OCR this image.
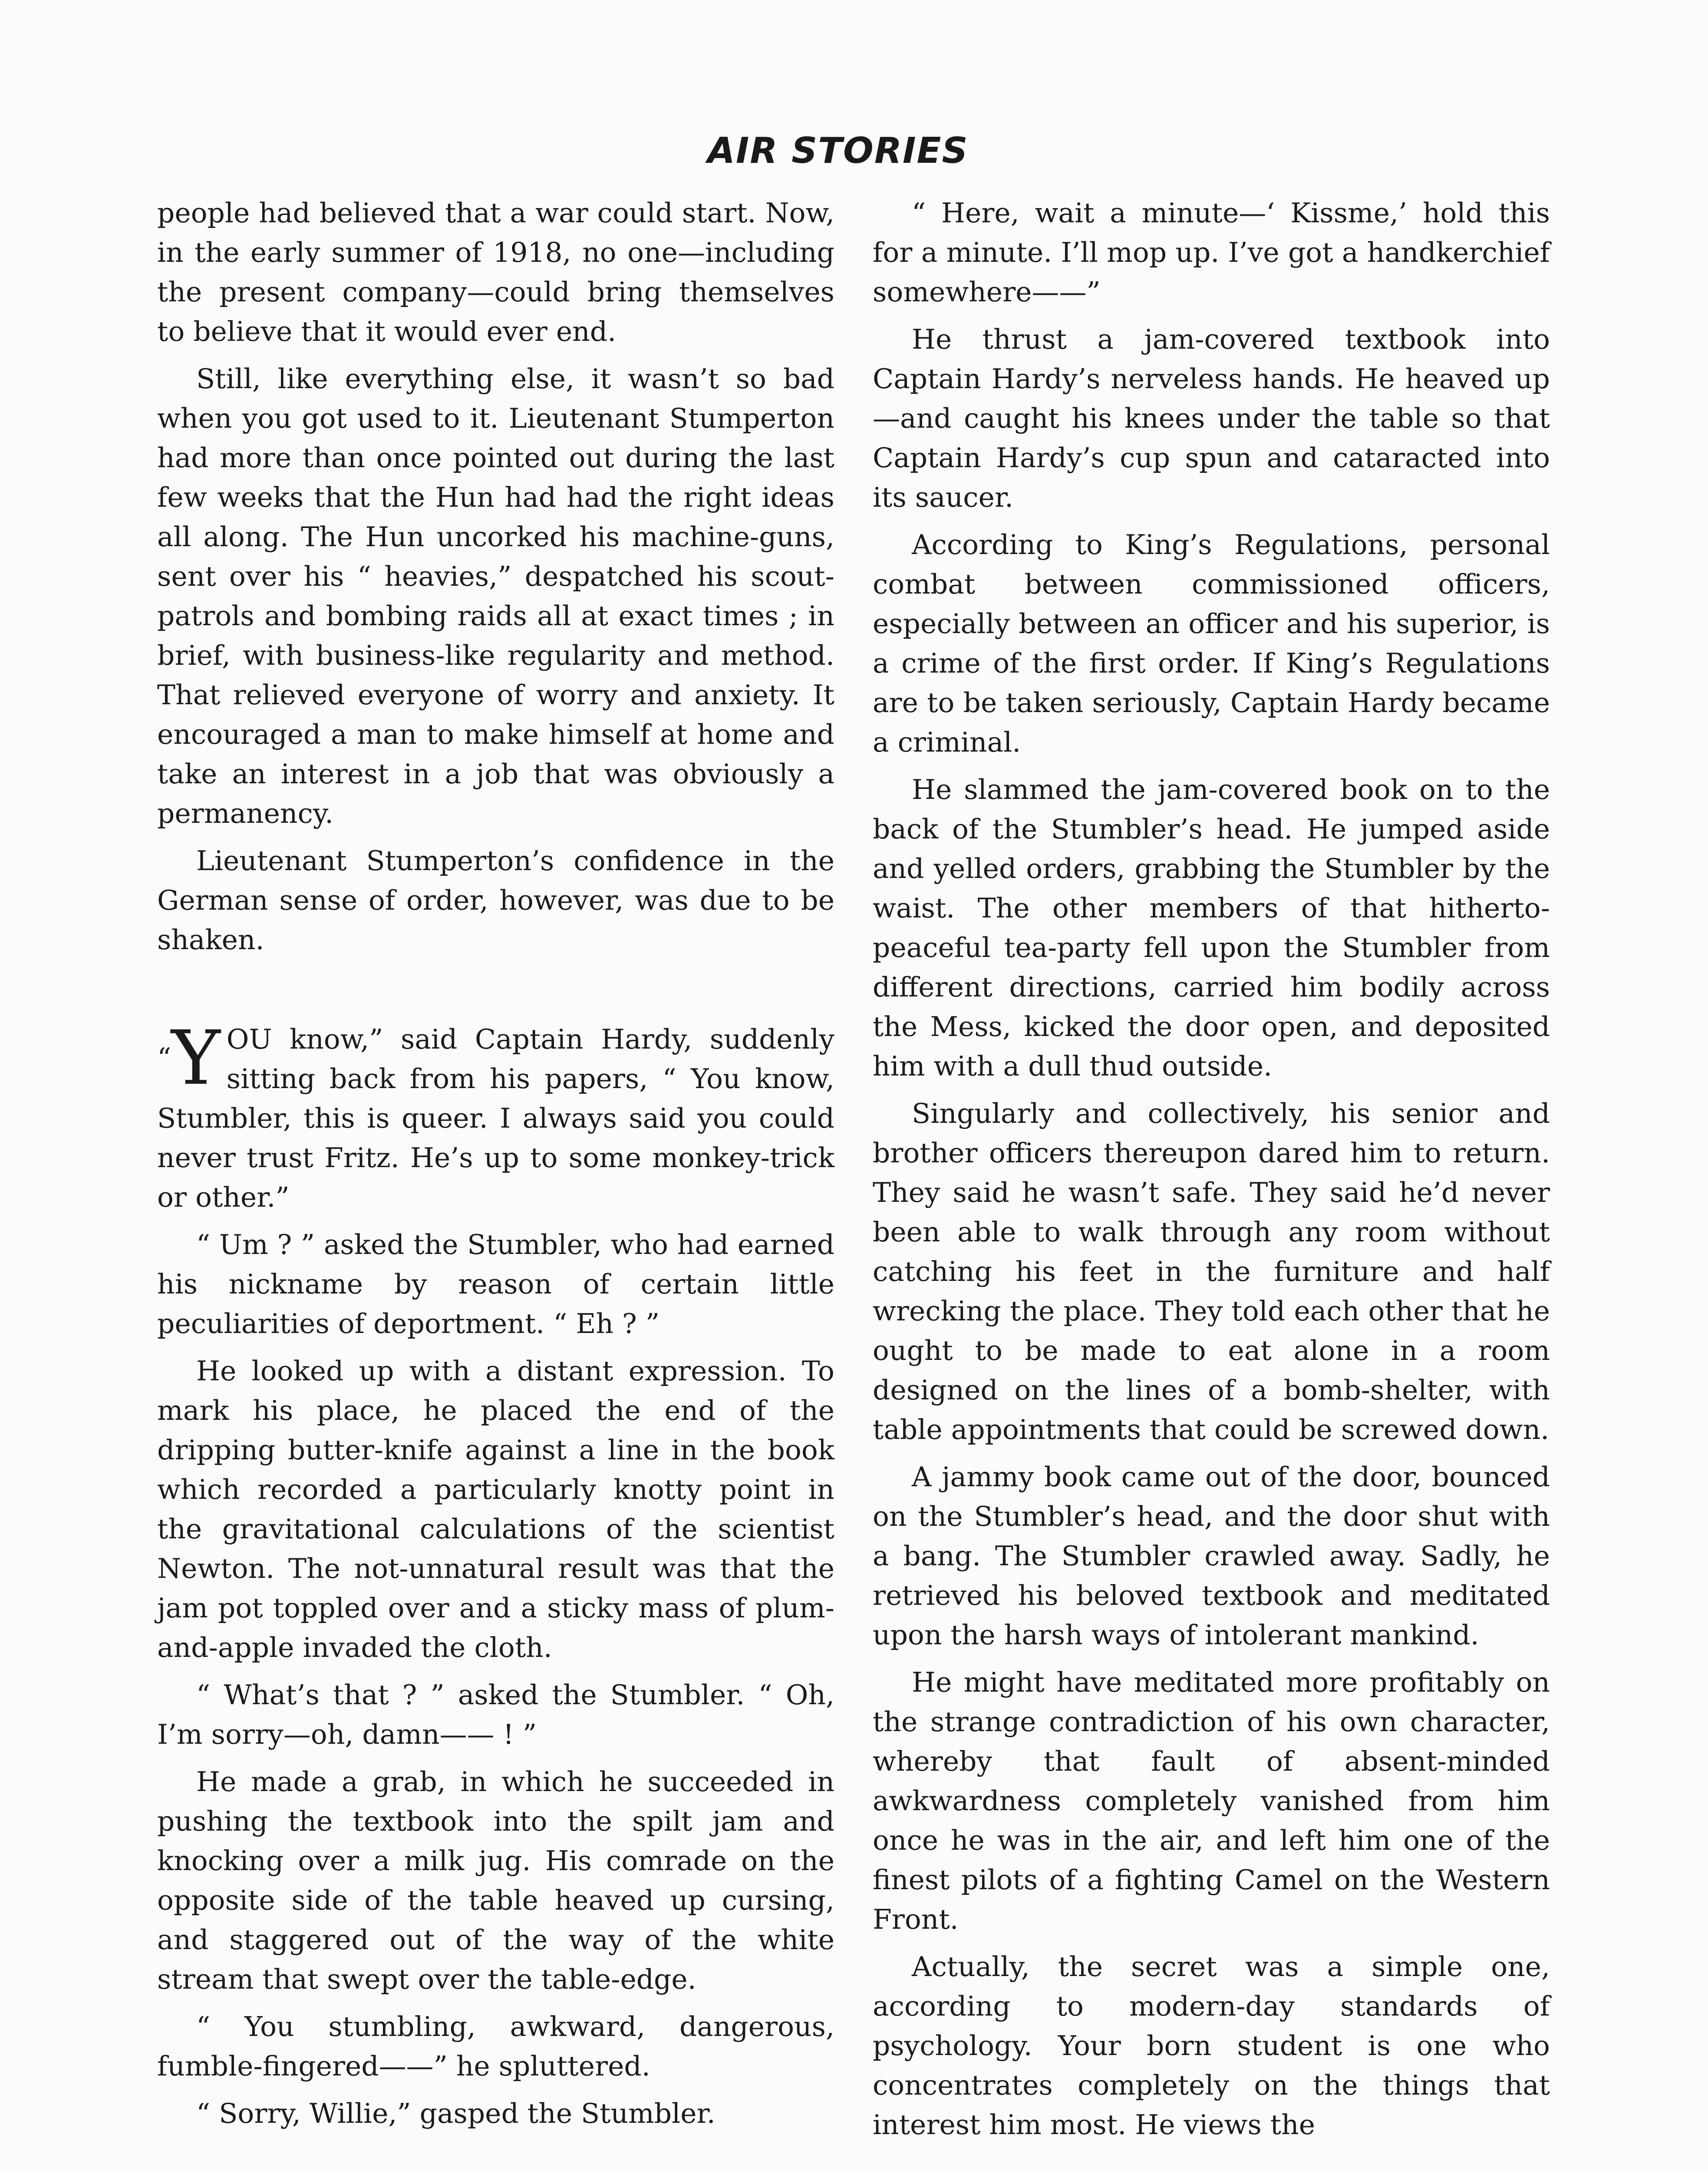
AIR STORIES

people had believed that a war could start. Now, in the early summer of 1918, no one—including the present company—could bring themselves to believe that it would ever end.

Still, like everything else, it wasn’t so bad when you got used to it. Lieutenant Stumperton had more than once pointed out during the last few weeks that the Hun had had the right ideas all along. The Hun uncorked his machine-guns, sent over his “ heavies,” despatched his scout-patrols and bombing raids all at exact times ; in brief, with business-like regularity and method. That relieved everyone of worry and anxiety. It encouraged a man to make himself at home and take an interest in a job that was obviously a permanency.

Lieutenant Stumperton’s confidence in the German sense of order, however, was due to be shaken.

“Y OU know,” said Captain Hardy, suddenly sitting back from his papers, “ You know, Stumbler, this is queer. I always said you could never trust Fritz. He’s up to some monkey-trick or other.”

“ Um ? ” asked the Stumbler, who had earned his nickname by reason of certain little peculiarities of deportment. “ Eh ? ”

He looked up with a distant expression. To mark his place, he placed the end of the dripping butter-knife against a line in the book which recorded a particularly knotty point in the gravitational calculations of the scientist Newton. The not-unnatural result was that the jam pot toppled over and a sticky mass of plum-and-apple invaded the cloth.

“ What’s that ? ” asked the Stumbler. “ Oh, I’m sorry—oh, damn—— ! ”

He made a grab, in which he succeeded in pushing the textbook into the spilt jam and knocking over a milk jug. His comrade on the opposite side of the table heaved up cursing, and staggered out of the way of the white stream that swept over the table-edge.

“ You stumbling, awkward, dangerous, fumble-fingered——” he spluttered.

“ Sorry, Willie,” gasped the Stumbler.

“ Here, wait a minute—‘ Kissme,’ hold this for a minute. I’ll mop up. I’ve got a handkerchief somewhere——”

He thrust a jam-covered textbook into Captain Hardy’s nerveless hands. He heaved up—and caught his knees under the table so that Captain Hardy’s cup spun and cataracted into its saucer.

According to King’s Regulations, personal combat between commissioned officers, especially between an officer and his superior, is a crime of the first order. If King’s Regulations are to be taken seriously, Captain Hardy became a criminal.

He slammed the jam-covered book on to the back of the Stumbler’s head. He jumped aside and yelled orders, grabbing the Stumbler by the waist. The other members of that hitherto-peaceful tea-party fell upon the Stumbler from different directions, carried him bodily across the Mess, kicked the door open, and deposited him with a dull thud outside.

Singularly and collectively, his senior and brother officers thereupon dared him to return. They said he wasn’t safe. They said he’d never been able to walk through any room without catching his feet in the furniture and half wrecking the place. They told each other that he ought to be made to eat alone in a room designed on the lines of a bomb-shelter, with table appointments that could be screwed down.

A jammy book came out of the door, bounced on the Stumbler’s head, and the door shut with a bang. The Stumbler crawled away. Sadly, he retrieved his beloved textbook and meditated upon the harsh ways of intolerant mankind.

He might have meditated more profitably on the strange contradiction of his own character, whereby that fault of absent-minded awkwardness completely vanished from him once he was in the air, and left him one of the finest pilots of a fighting Camel on the Western Front.

Actually, the secret was a simple one, according to modern-day standards of psychology. Your born student is one who concentrates completely on the things that interest him most. He views the
